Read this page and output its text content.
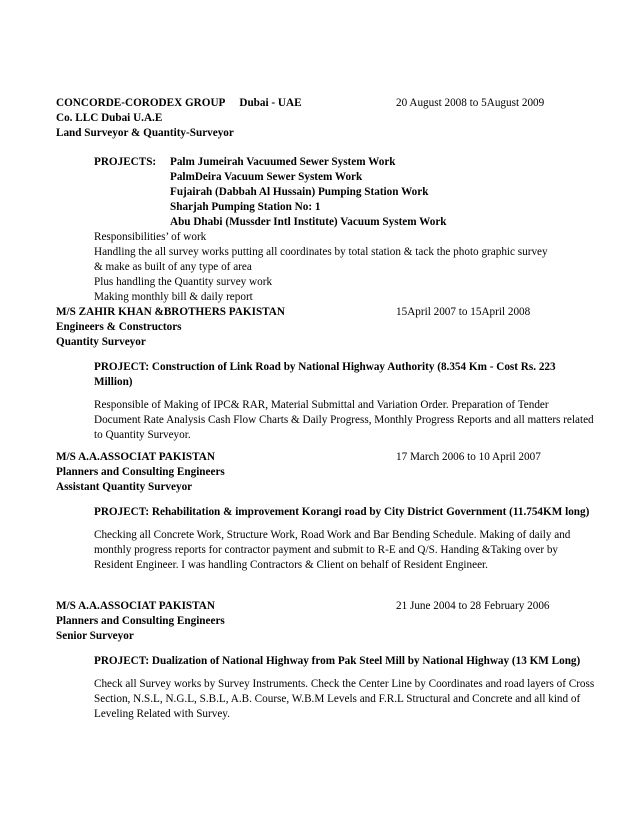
CONCORDE-CORODEX GROUP Dubai - UAE	20 August 2008 to 5August 2009
Co. LLC Dubai U.A.E
Land Surveyor & Quantity-Surveyor
PROJECTS: Palm Jumeirah Vacuumed Sewer System Work
PalmDeira Vacuum Sewer System Work
Fujairah (Dabbah Al Hussain) Pumping Station Work
Sharjah Pumping Station No: 1
Abu Dhabi (Mussder Intl Institute) Vacuum System Work
Responsibilities’ of work
Handling the all survey works putting all coordinates by total station & tack the photo graphic survey
& make as built of any type of area
Plus handling the Quantity survey work
Making monthly bill & daily report
M/S ZAHIR KHAN &BROTHERS PAKISTAN	15April 2007 to 15April 2008
Engineers & Constructors
Quantity Surveyor
PROJECT: Construction of Link Road by National Highway Authority (8.354 Km - Cost Rs. 223 Million)
Responsible of Making of IPC& RAR, Material Submittal and Variation Order. Preparation of Tender Document Rate Analysis Cash Flow Charts & Daily Progress, Monthly Progress Reports and all matters related to Quantity Surveyor.
M/S A.A.ASSOCIAT PAKISTAN	17 March 2006 to 10 April 2007
Planners and Consulting Engineers
Assistant Quantity Surveyor
PROJECT: Rehabilitation & improvement Korangi road by City District Government (11.754KM long)
Checking all Concrete Work, Structure Work, Road Work and Bar Bending Schedule. Making of daily and monthly progress reports for contractor payment and submit to R-E and Q/S. Handing &Taking over by Resident Engineer. I was handling Contractors & Client on behalf of Resident Engineer.
M/S A.A.ASSOCIAT PAKISTAN	21 June 2004 to 28 February 2006
Planners and Consulting Engineers
Senior Surveyor
PROJECT: Dualization of National Highway from Pak Steel Mill by National Highway (13 KM Long)
Check all Survey works by Survey Instruments. Check the Center Line by Coordinates and road layers of Cross Section, N.S.L, N.G.L, S.B.L, A.B. Course, W.B.M Levels and F.R.L Structural and Concrete and all kind of Leveling Related with Survey.
